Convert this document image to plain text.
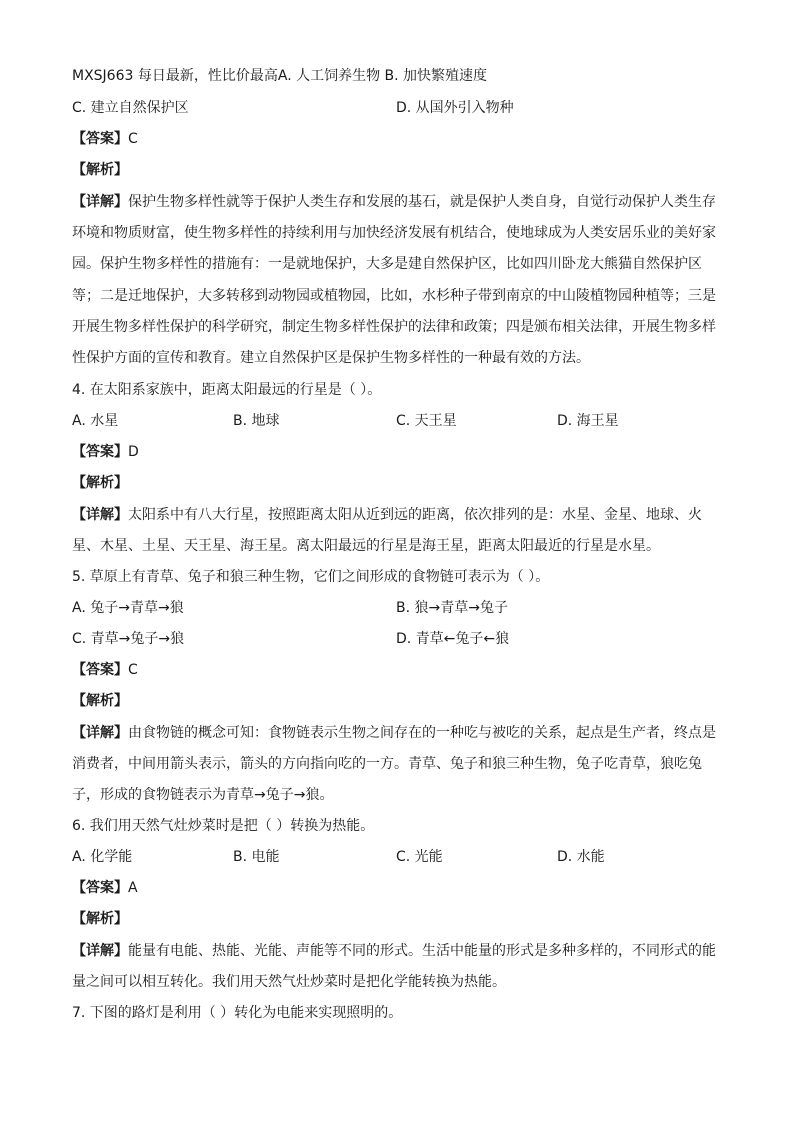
MXSJ663 每日最新，性比价最高A. 人工饲养生物 B. 加快繁殖速度
C. 建立自然保护区	D. 从国外引入物种
【答案】C
【解析】
【详解】保护生物多样性就等于保护人类生存和发展的基石，就是保护人类自身，自觉行动保护人类生存
环境和物质财富，使生物多样性的持续利用与加快经济发展有机结合，使地球成为人类安居乐业的美好家
园。保护生物多样性的措施有：一是就地保护，大多是建自然保护区，比如四川卧龙大熊猫自然保护区
等；二是迁地保护，大多转移到动物园或植物园，比如，水杉种子带到南京的中山陵植物园种植等；三是
开展生物多样性保护的科学研究，制定生物多样性保护的法律和政策；四是颁布相关法律，开展生物多样
性保护方面的宣传和教育。建立自然保护区是保护生物多样性的一种最有效的方法。
4. 在太阳系家族中，距离太阳最远的行星是（ ）。
A. 水星	B. 地球	C. 天王星	D. 海王星
【答案】D
【解析】
【详解】太阳系中有八大行星，按照距离太阳从近到远的距离，依次排列的是：水星、金星、地球、火
星、木星、土星、天王星、海王星。离太阳最远的行星是海王星，距离太阳最近的行星是水星。
5. 草原上有青草、兔子和狼三种生物，它们之间形成的食物链可表示为（ ）。
A. 兔子→青草→狼	B. 狼→青草→兔子
C. 青草→兔子→狼	D. 青草←兔子←狼
【答案】C
【解析】
【详解】由食物链的概念可知：食物链表示生物之间存在的一种吃与被吃的关系，起点是生产者，终点是
消费者，中间用箭头表示，箭头的方向指向吃的一方。青草、兔子和狼三种生物，兔子吃青草，狼吃兔
子，形成的食物链表示为青草→兔子→狼。
6. 我们用天然气灶炒菜时是把（ ）转换为热能。
A. 化学能	B. 电能	C. 光能	D. 水能
【答案】A
【解析】
【详解】能量有电能、热能、光能、声能等不同的形式。生活中能量的形式是多种多样的，不同形式的能
量之间可以相互转化。我们用天然气灶炒菜时是把化学能转换为热能。
7. 下图的路灯是利用（ ）转化为电能来实现照明的。
